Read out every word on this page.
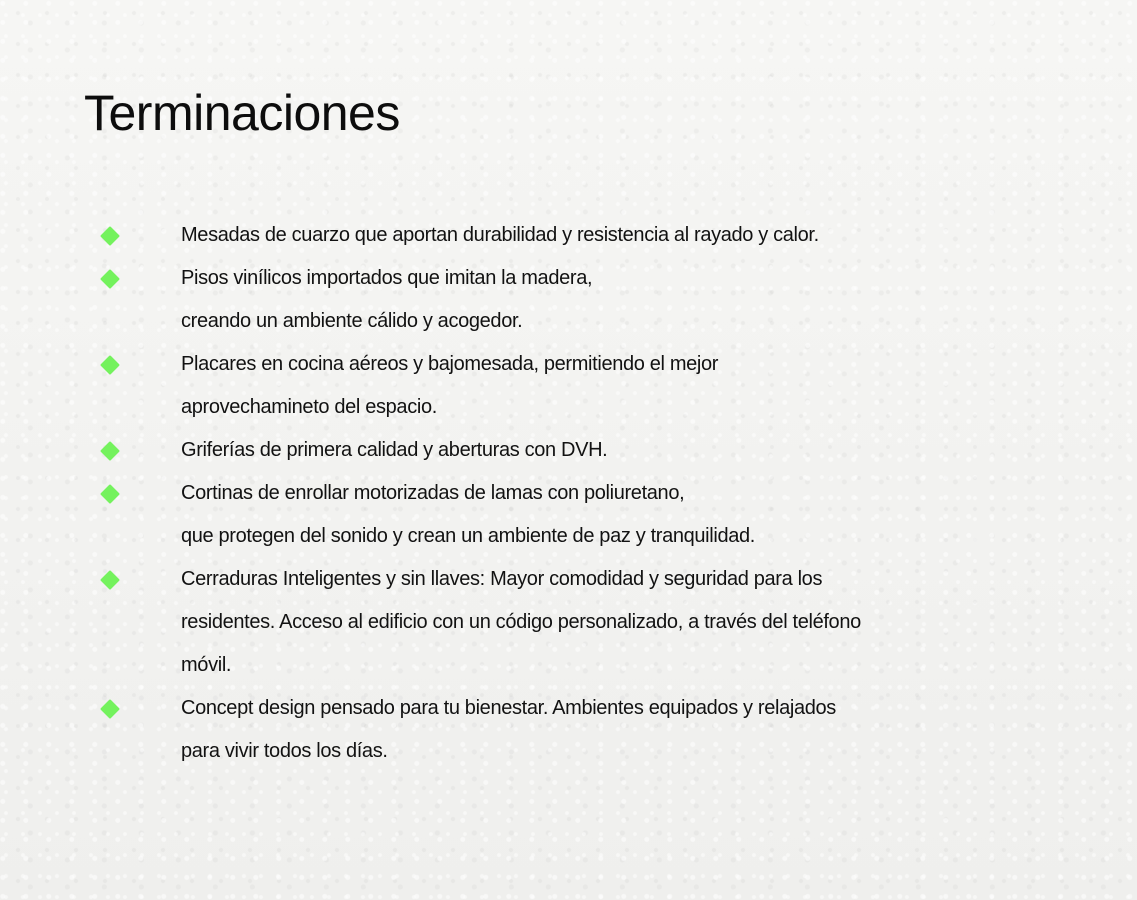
Terminaciones
Mesadas de cuarzo que aportan durabilidad y resistencia al rayado y calor.
Pisos vinílicos importados que imitan la madera,
creando un ambiente cálido y acogedor.
Placares en cocina aéreos y bajomesada, permitiendo el mejor
aprovechamineto del espacio.
Griferías de primera calidad y aberturas con DVH.
Cortinas de enrollar motorizadas de lamas con poliuretano,
que protegen del sonido y crean un ambiente de paz y tranquilidad.
Cerraduras Inteligentes y sin llaves: Mayor comodidad y seguridad para los
residentes. Acceso al edificio con un código personalizado, a través del teléfono
móvil.
Concept design pensado para tu bienestar. Ambientes equipados y relajados
para vivir todos los días.
